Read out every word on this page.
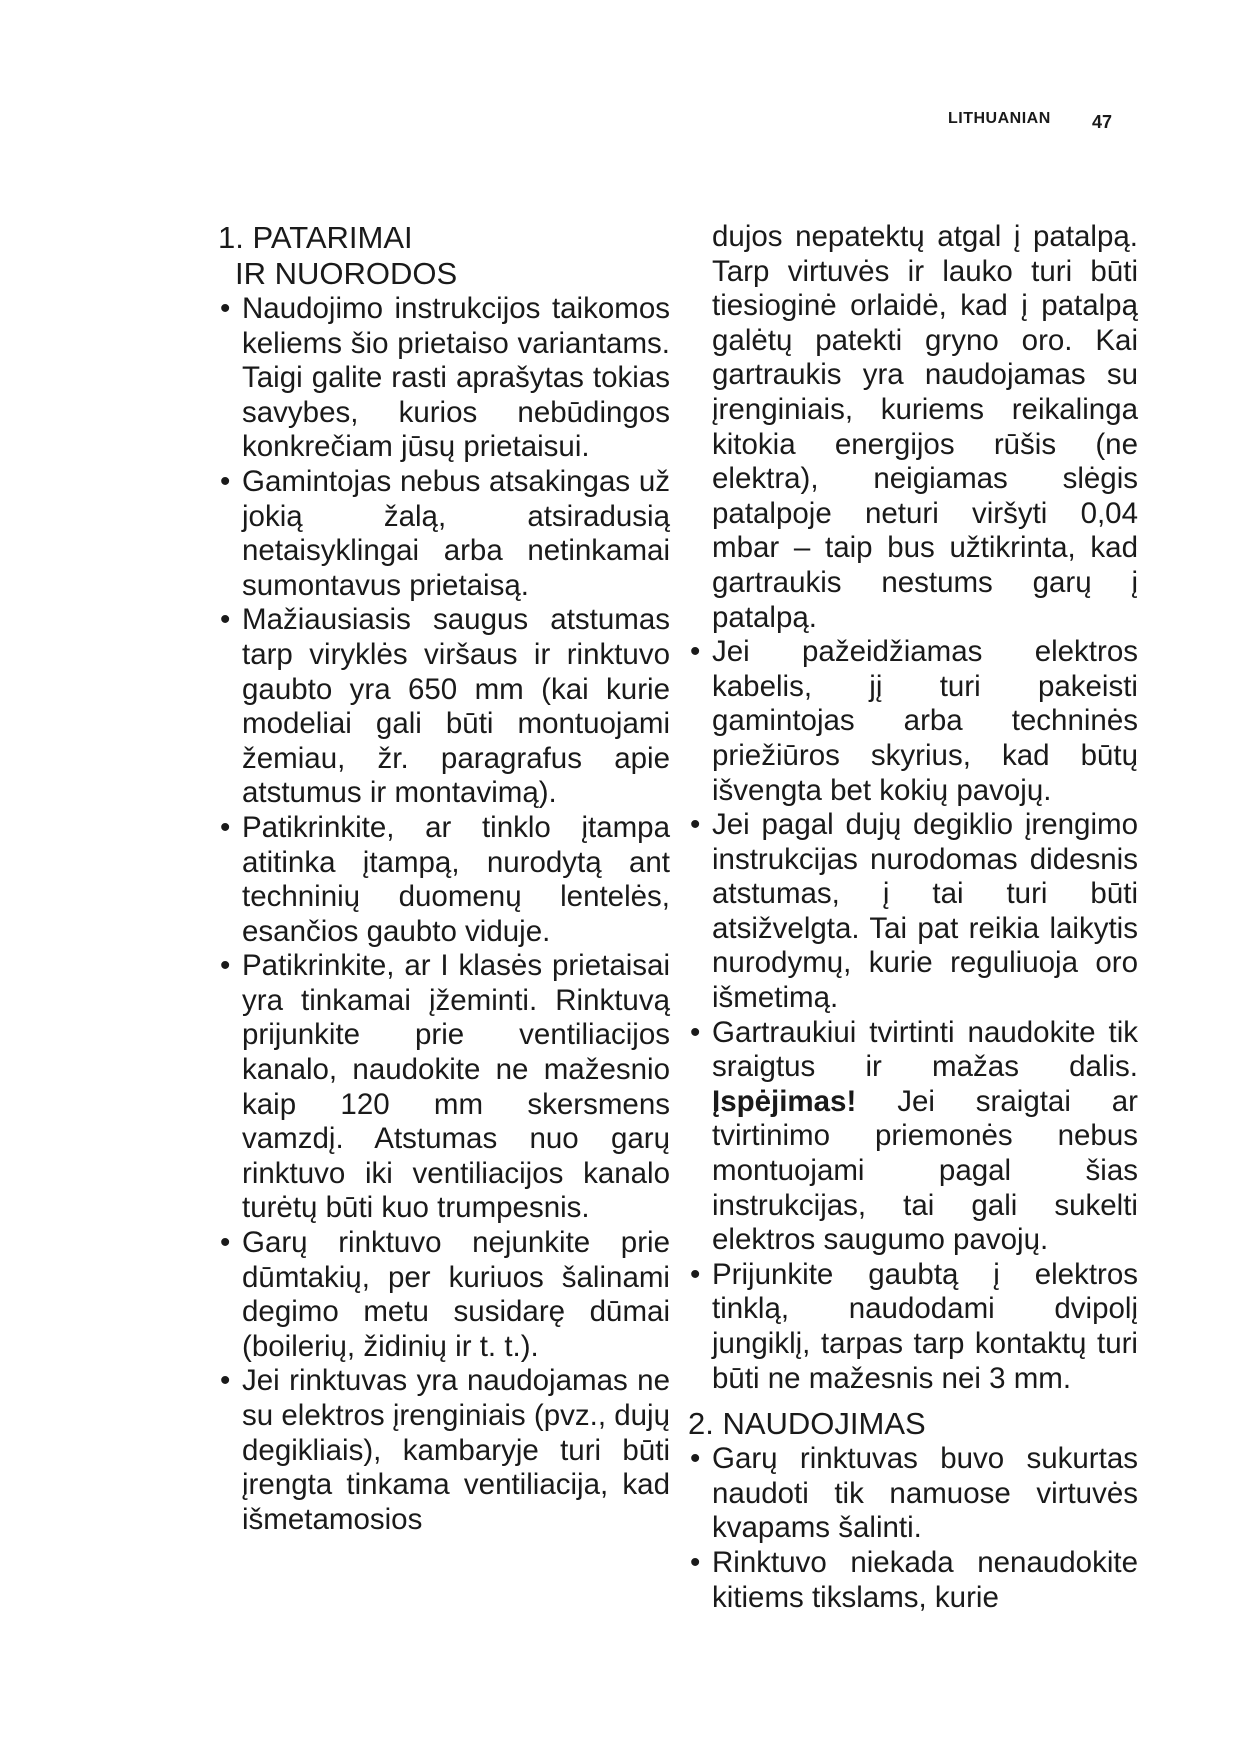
LITHUANIAN 47
1. PATARIMAI
IR NUORODOS
• Naudojimo instrukcijos taikomos keliems šio prietaiso variantams. Taigi galite rasti aprašytas tokias savybes, kurios nebūdingos konkrečiam jūsų prietaisui.
• Gamintojas nebus atsakingas už jokią žalą, atsiradusią netaisyklingai arba netinkamai sumontavus prietaisą.
• Mažiausiasis saugus atstumas tarp viryklės viršaus ir rinktuvo gaubto yra 650 mm (kai kurie modeliai gali būti montuojami žemiau, žr. paragrafus apie atstumus ir montavimą).
• Patikrinkite, ar tinklo įtampa atitinka įtampą, nurodytą ant techninių duomenų lentelės, esančios gaubto viduje.
• Patikrinkite, ar I klasės prietaisai yra tinkamai įžeminti. Rinktuvą prijunkite prie ventiliacijos kanalo, naudokite ne mažesnio kaip 120 mm skersmens vamzdį. Atstumas nuo garų rinktuvo iki ventiliacijos kanalo turėtų būti kuo trumpesnis.
• Garų rinktuvo nejunkite prie dūmtakių, per kuriuos šalinami degimo metu susidarę dūmai (boilerių, židinių ir t. t.).
• Jei rinktuvas yra naudojamas ne su elektros įrenginiais (pvz., dujų degikliais), kambaryje turi būti įrengta tinkama ventiliacija, kad išmetamosios

dujos nepatektų atgal į patalpą. Tarp virtuvės ir lauko turi būti tiesioginė orlaidė, kad į patalpą galėtų patekti gryno oro. Kai gartraukis yra naudojamas su įrenginiais, kuriems reikalinga kitokia energijos rūšis (ne elektra), neigiamas slėgis patalpoje neturi viršyti 0,04 mbar – taip bus užtikrinta, kad gartraukis nestums garų į patalpą.

• Jei pažeidžiamas elektros kabelis, jį turi pakeisti gamintojas arba techninės priežiūros skyrius, kad būtų išvengta bet kokių pavojų.
• Jei pagal dujų degiklio įrengimo instrukcijas nurodomas didesnis atstumas, į tai turi būti atsižvelgta. Tai pat reikia laikytis nurodymų, kurie reguliuoja oro išmetimą.
• Gartraukiui tvirtinti naudokite tik sraigtus ir mažas dalis. Įspėjimas! Jei sraigtai ar tvirtinimo priemonės nebus montuojami pagal šias instrukcijas, tai gali sukelti elektros saugumo pavojų.
• Prijunkite gaubtą į elektros tinklą, naudodami dvipolį jungiklį, tarpas tarp kontaktų turi būti ne mažesnis nei 3 mm.
2. NAUDOJIMAS
• Garų rinktuvas buvo sukurtas naudoti tik namuose virtuvės kvapams šalinti.
• Rinktuvo niekada nenaudokite kitiems tikslams, kurie
